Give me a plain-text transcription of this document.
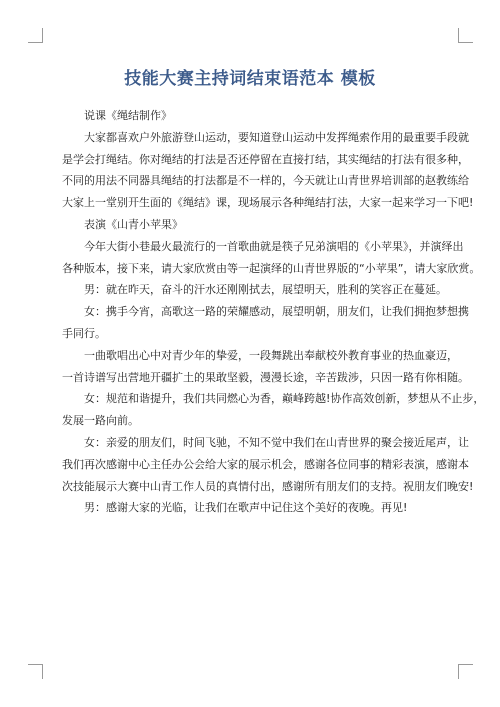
技能大赛主持词结束语范本 模板
说课《绳结制作》
大家都喜欢户外旅游登山运动，要知道登山运动中发挥绳索作用的最重要手段就
是学会打绳结。你对绳结的打法是否还停留在直接打结，其实绳结的打法有很多种，
不同的用法不同器具绳结的打法都是不一样的，今天就让山青世界培训部的赵教练给
大家上一堂别开生面的《绳结》课，现场展示各种绳结打法，大家一起来学习一下吧!
表演《山青小苹果》
今年大街小巷最火最流行的一首歌曲就是筷子兄弟演唱的《小苹果》，并演绎出
各种版本，接下来，请大家欣赏由等一起演绎的山青世界版的“小苹果”，请大家欣赏。
男：就在昨天，奋斗的汗水还刚刚拭去，展望明天，胜利的笑容正在蔓延。
女：携手今宵，高歌这一路的荣耀感动，展望明朝，朋友们，让我们拥抱梦想携
手同行。
一曲歌唱出心中对青少年的挚爱，一段舞跳出奉献校外教育事业的热血豪迈，
一首诗谱写出营地开疆扩土的果敢坚毅，漫漫长途，辛苦跋涉，只因一路有你相随。
女：规范和谐提升，我们共同燃心为香，巅峰跨越!协作高效创新，梦想从不止步，
发展一路向前。
女：亲爱的朋友们，时间飞驰，不知不觉中我们在山青世界的聚会接近尾声，让
我们再次感谢中心主任办公会给大家的展示机会，感谢各位同事的精彩表演，感谢本
次技能展示大赛中山青工作人员的真情付出，感谢所有朋友们的支持。祝朋友们晚安!
男：感谢大家的光临，让我们在歌声中记住这个美好的夜晚。再见!
